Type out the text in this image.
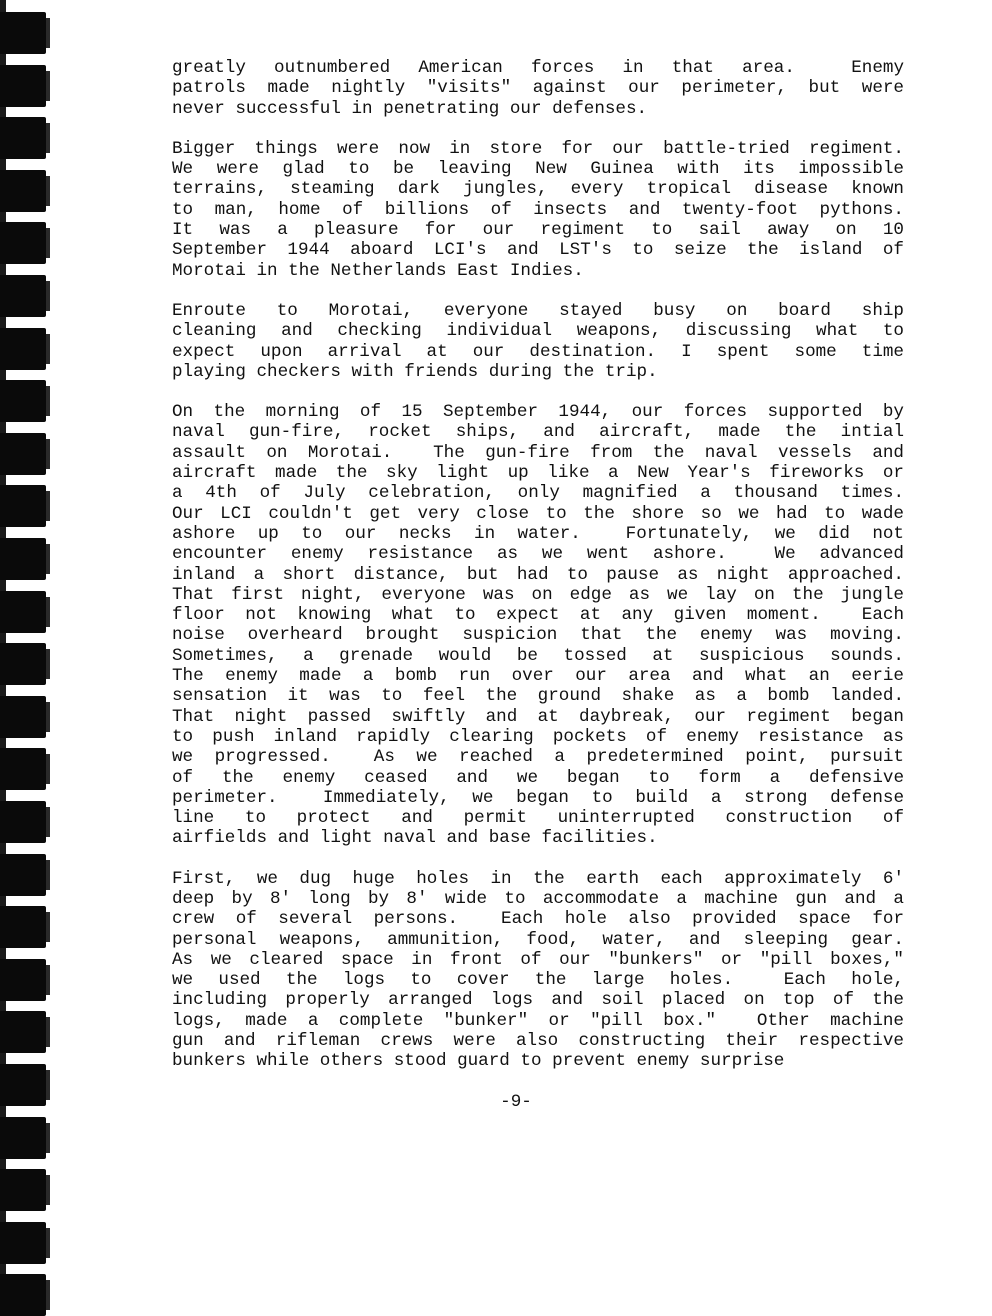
greatly outnumbered American forces in that area.  Enemy
patrols made nightly "visits" against our perimeter, but were
never successful in penetrating our defenses.
Bigger things were now in store for our battle-tried regiment.
We were glad to be leaving New Guinea with its impossible
terrains, steaming dark jungles, every tropical disease known
to man, home of billions of insects and twenty-foot pythons.
It was a pleasure for our regiment to sail away on 10
September 1944 aboard LCI's and LST's to seize the island of
Morotai in the Netherlands East Indies.
Enroute to Morotai, everyone stayed busy on board ship
cleaning and checking individual weapons, discussing what to
expect upon arrival at our destination. I spent some time
playing checkers with friends during the trip.
On the morning of 15 September 1944, our forces supported by
naval gun-fire, rocket ships, and aircraft, made the intial
assault on Morotai.  The gun-fire from the naval vessels and
aircraft made the sky light up like a New Year's fireworks or
a 4th of July celebration, only magnified a thousand times.
Our LCI couldn't get very close to the shore so we had to wade
ashore up to our necks in water.  Fortunately, we did not
encounter enemy resistance as we went ashore.  We advanced
inland a short distance, but had to pause as night approached.
That first night, everyone was on edge as we lay on the jungle
floor not knowing what to expect at any given moment.  Each
noise overheard brought suspicion that the enemy was moving.
Sometimes, a grenade would be tossed at suspicious sounds.
The enemy made a bomb run over our area and what an eerie
sensation it was to feel the ground shake as a bomb landed.
That night passed swiftly and at daybreak, our regiment began
to push inland rapidly clearing pockets of enemy resistance as
we progressed.  As we reached a predetermined point, pursuit
of the enemy ceased and we began to form a defensive
perimeter.  Immediately, we began to build a strong defense
line to protect and permit uninterrupted construction of
airfields and light naval and base facilities.
First, we dug huge holes in the earth each approximately 6'
deep by 8' long by 8' wide to accommodate a machine gun and a
crew of several persons.  Each hole also provided space for
personal weapons, ammunition, food, water, and sleeping gear.
As we cleared space in front of our "bunkers" or "pill boxes,"
we used the logs to cover the large holes.  Each hole,
including properly arranged logs and soil placed on top of the
logs, made a complete "bunker" or "pill box."  Other machine
gun and rifleman crews were also constructing their respective
bunkers while others stood guard to prevent enemy surprise
-9-
